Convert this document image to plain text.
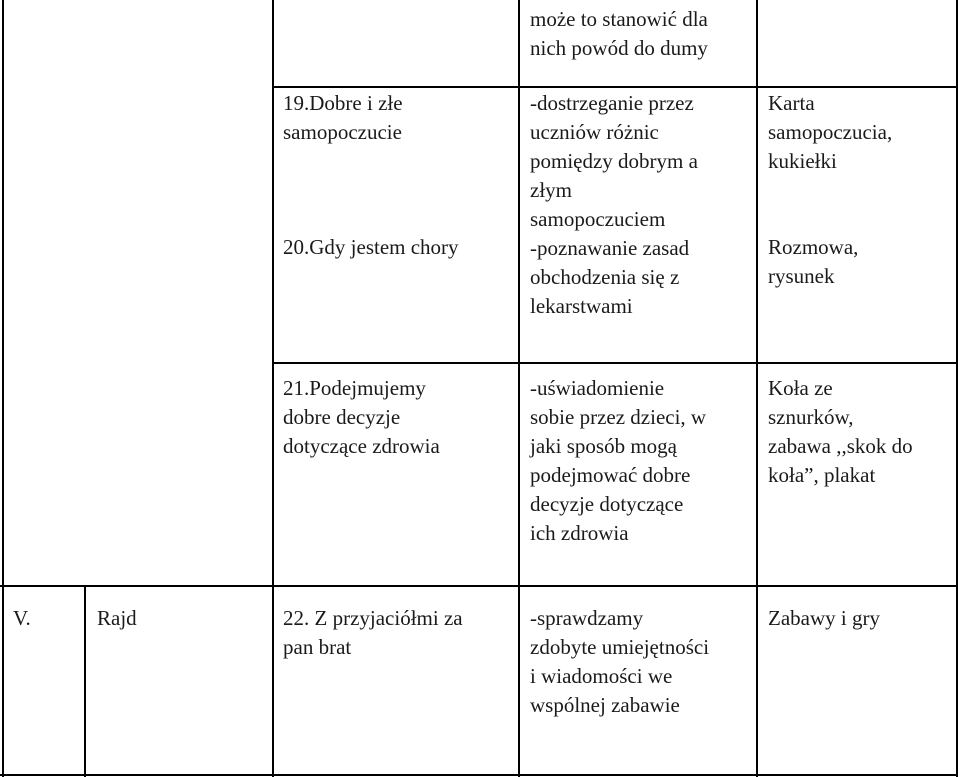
może to stanowić dla
nich powód do dumy
19.Dobre i złe
samopoczucie
20.Gdy jestem chory
-dostrzeganie przez
uczniów różnic
pomiędzy dobrym a
złym
samopoczuciem
-poznawanie zasad
obchodzenia się z
lekarstwami
Karta
samopoczucia,
kukiełki
Rozmowa,
rysunek
21.Podejmujemy
dobre decyzje
dotyczące zdrowia
-uświadomienie
sobie przez dzieci, w
jaki sposób mogą
podejmować dobre
decyzje dotyczące
ich zdrowia
Koła ze
sznurków,
zabawa ,,skok do
koła”, plakat
V.	Rajd	22. Z przyjaciółmi za
pan brat
-sprawdzamy
zdobyte umiejętności
i wiadomości we
wspólnej zabawie
Zabawy i gry
